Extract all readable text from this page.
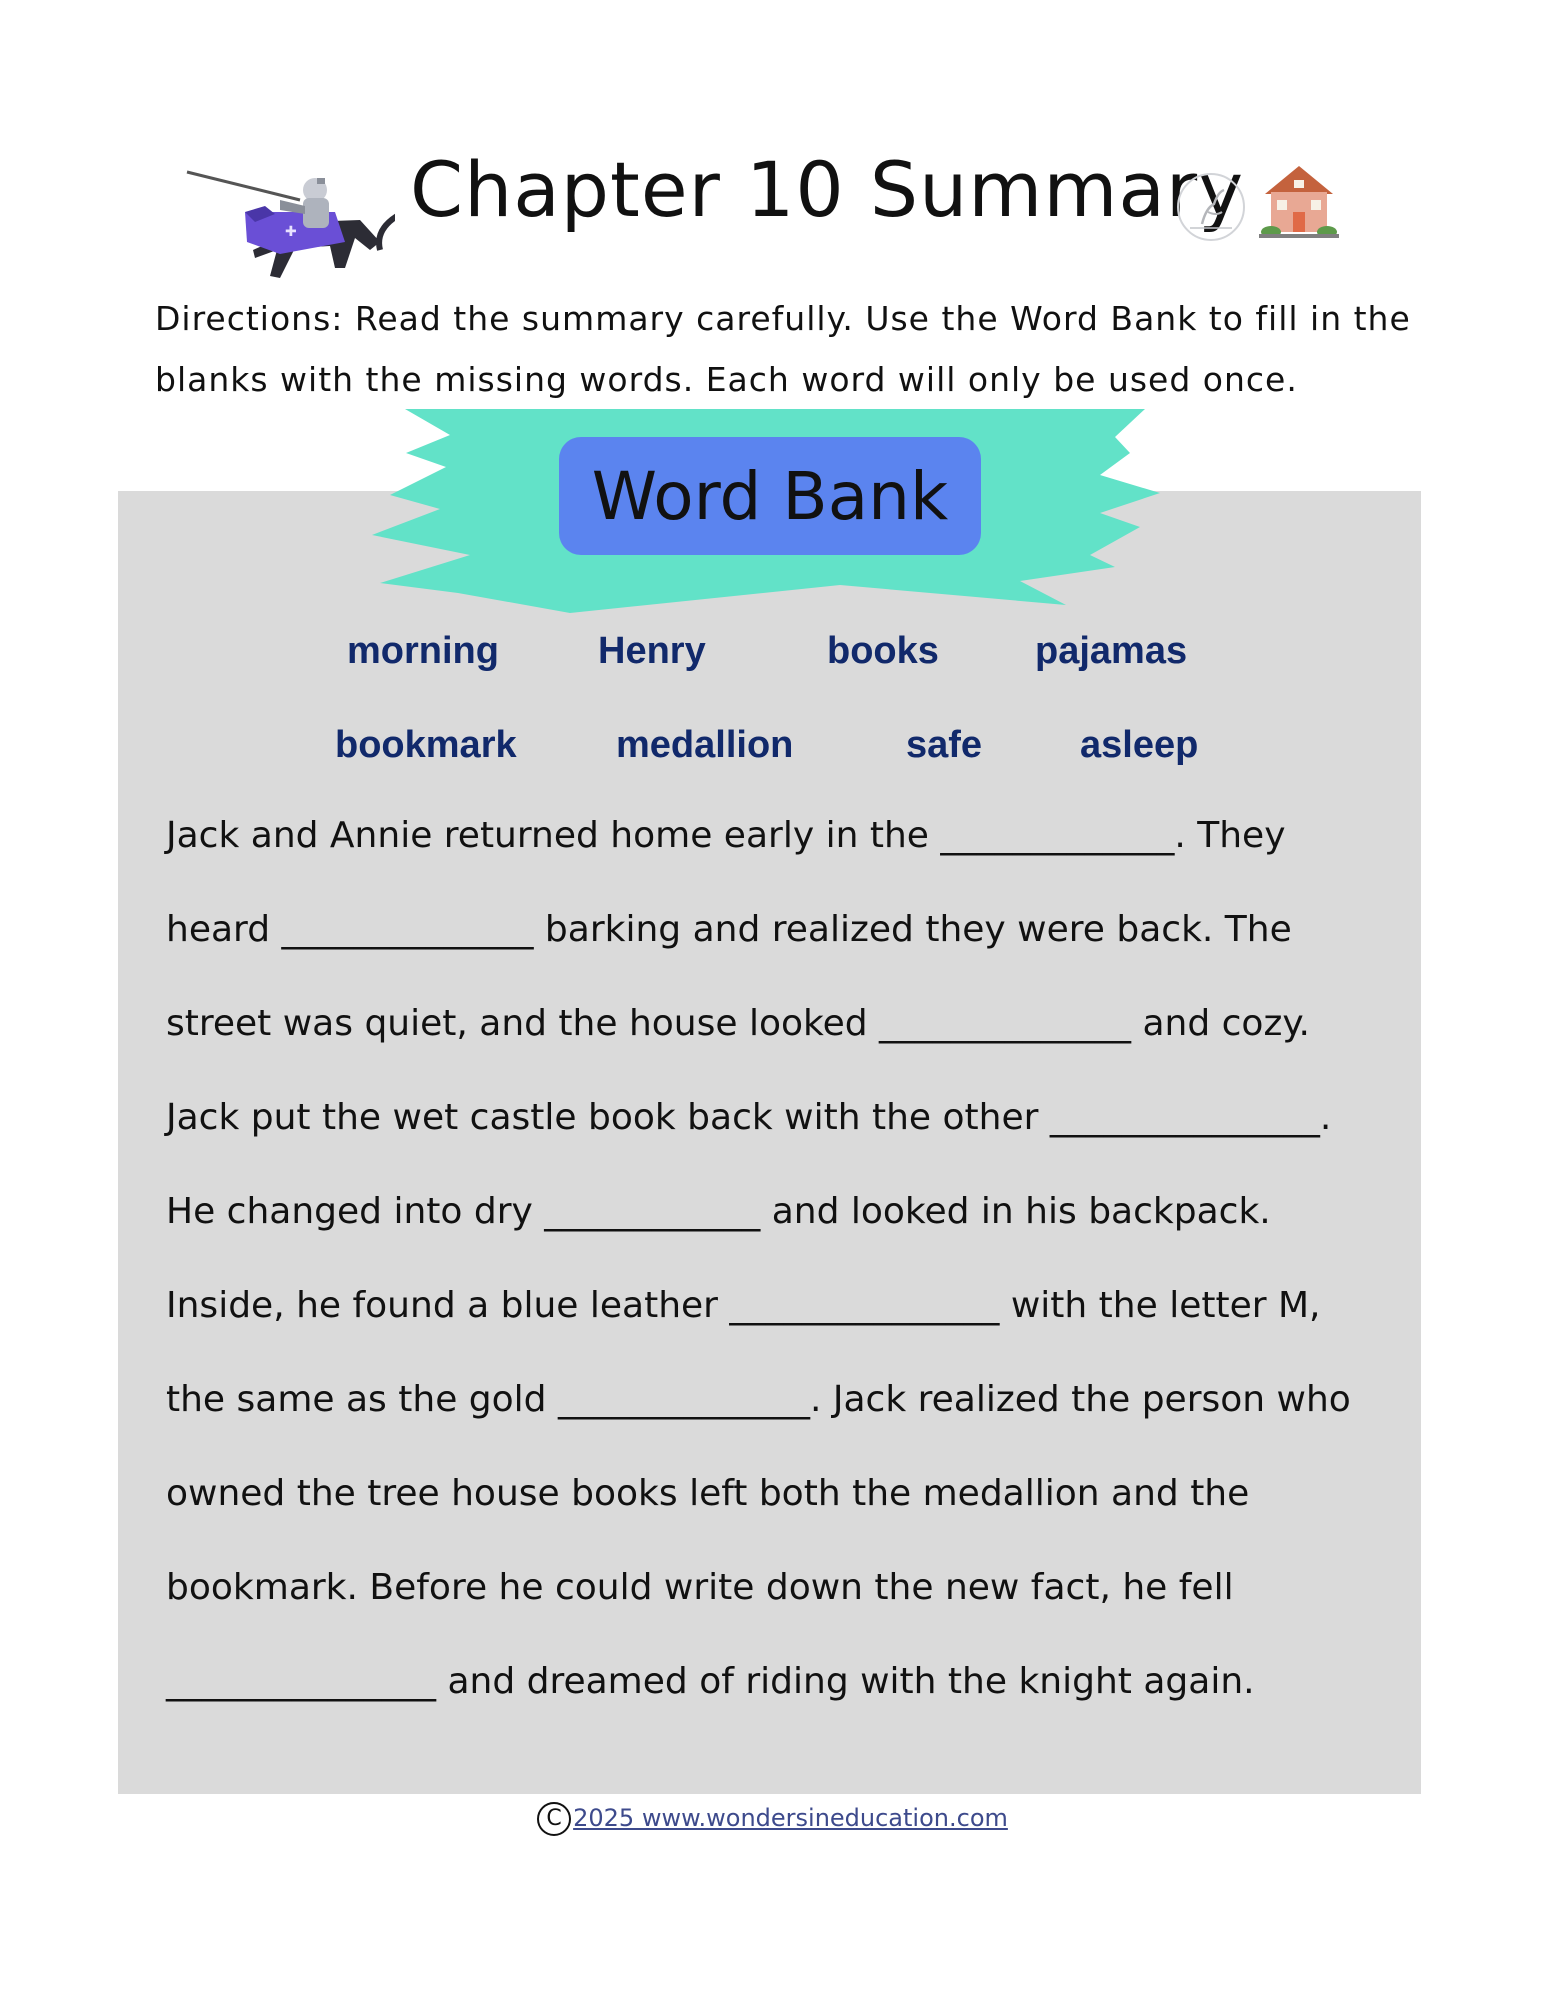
✚ Chapter 10 Summary
Directions: Read the summary carefully. Use the Word Bank to fill in the blanks with the missing words. Each word will only be used once.
Word Bank
morning	Henry	books	pajamas
bookmark	medallion	safe	asleep
Jack and Annie returned home early in the _____________. They
heard ______________ barking and realized they were back. The
street was quiet, and the house looked ______________ and cozy.
Jack put the wet castle book back with the other _______________.
He changed into dry ____________ and looked in his backpack.
Inside, he found a blue leather _______________ with the letter M,
the same as the gold ______________. Jack realized the person who
owned the tree house books left both the medallion and the
bookmark. Before he could write down the new fact, he fell
_______________ and dreamed of riding with the knight again.
C 2025 www.wondersineducation.com
